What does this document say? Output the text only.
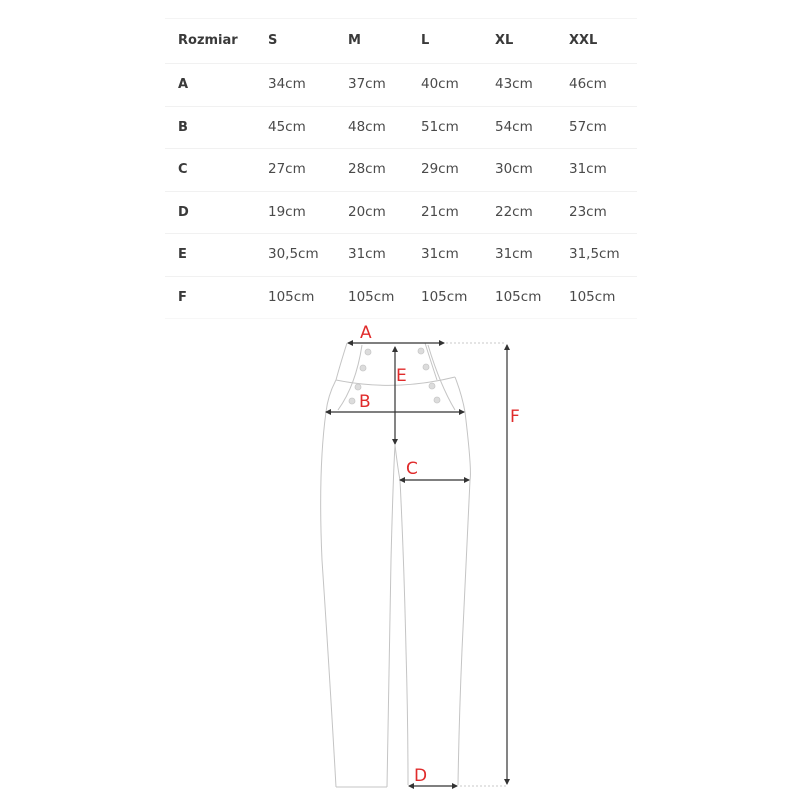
Rozmiar S	M	L	XL	XXL
A	34cm	37cm	40cm	43cm	46cm
B	45cm	48cm	51cm	54cm	57cm
C	27cm	28cm	29cm	30cm	31cm
D	19cm	20cm	21cm	22cm	23cm
E	30,5cm 31cm	31cm	31cm	31,5cm
F	105cm 105cm 105cm 105cm 105cm
A
F
E
B
C
D
